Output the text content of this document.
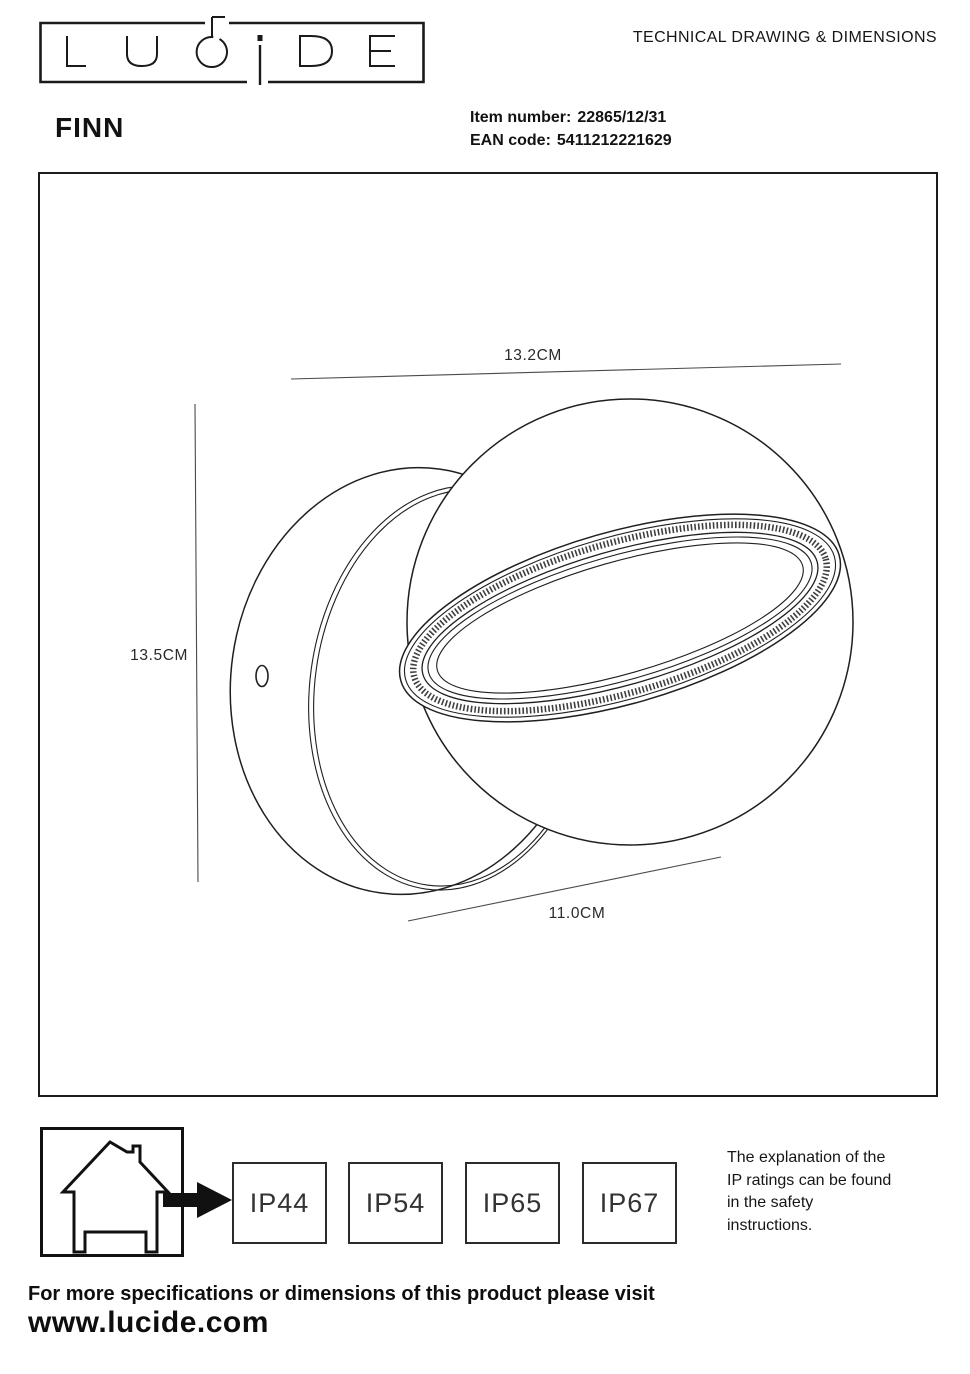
TECHNICAL DRAWING & DIMENSIONS
FINN	Item number: 22865/12/31
EAN code: 5411212221629
13.2CM
13.5CM
11.0CM
IP44	IP54	IP65	IP67
The explanation of the
IP ratings can be found
in the safety
instructions.
For more specifications or dimensions of this product please visit
www.lucide.com
